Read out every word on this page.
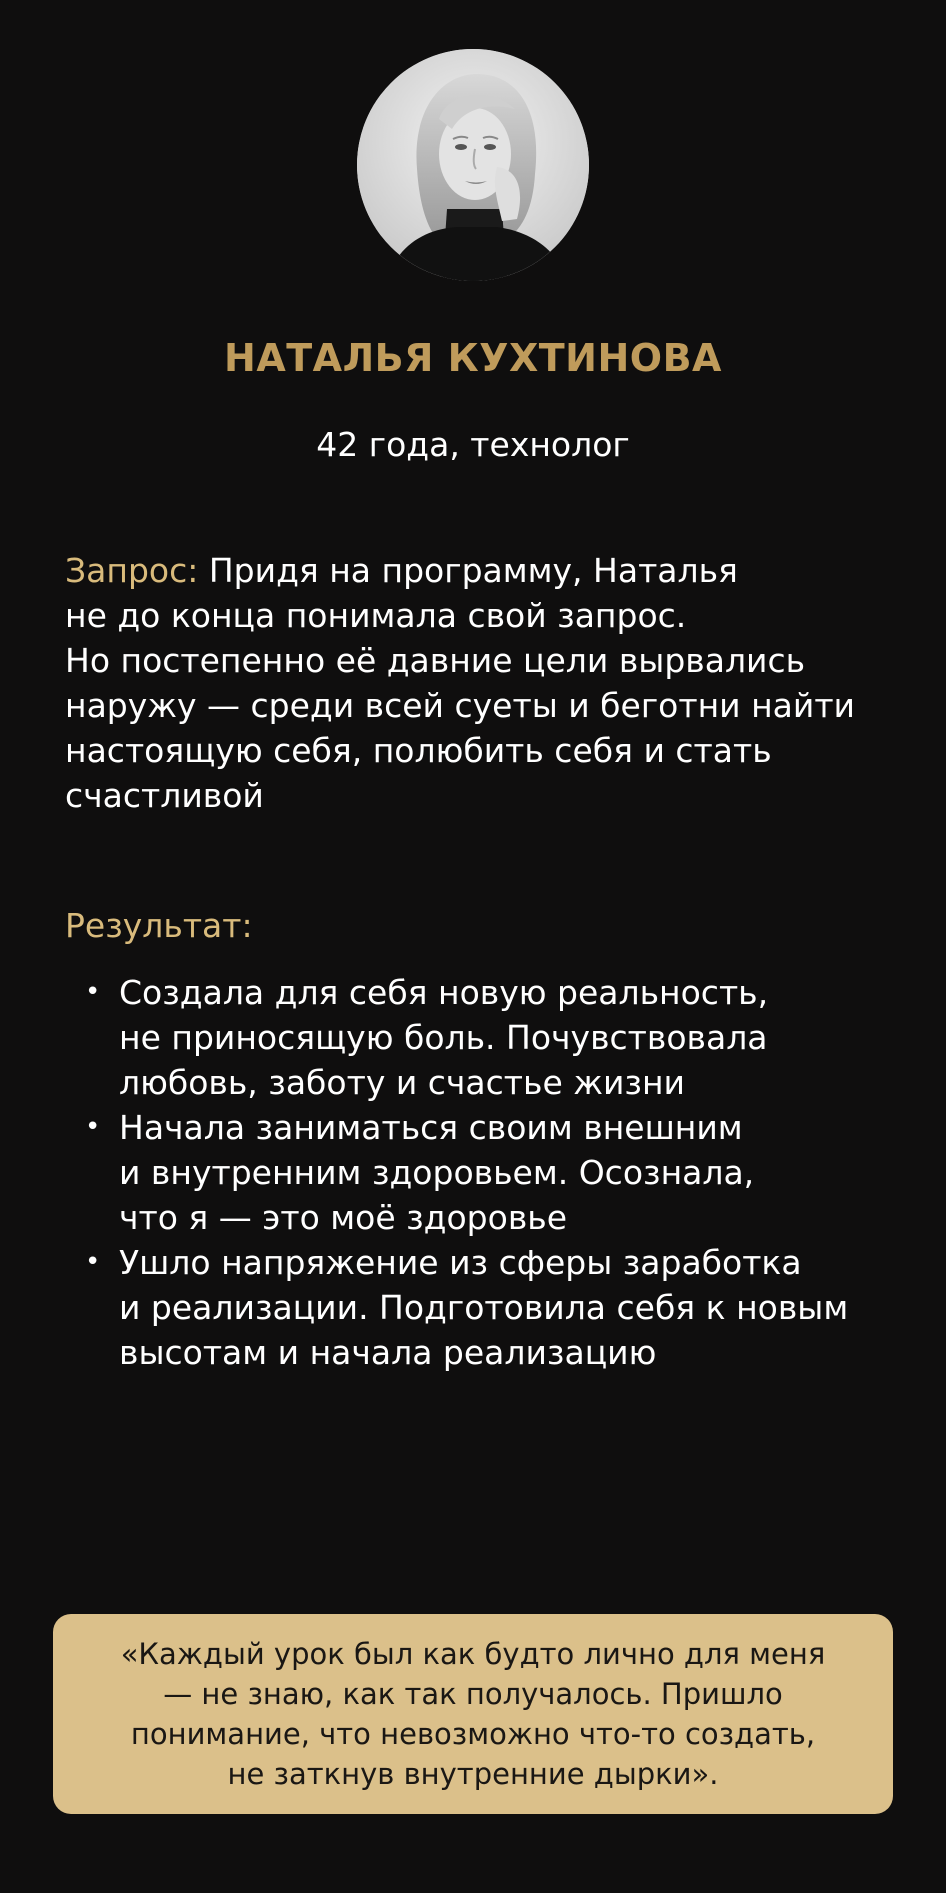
НАТАЛЬЯ КУХТИНОВА
42 года, технолог
Запрос: Придя на программу, Наталья
не до конца понимала свой запрос.
Но постепенно её давние цели вырвались
наружу — среди всей суеты и беготни найти
настоящую себя, полюбить себя и стать
счастливой
Результат:
• Создала для себя новую реальность,
не приносящую боль. Почувствовала
любовь, заботу и счастье жизни
• Начала заниматься своим внешним
и внутренним здоровьем. Осознала,
что я — это моё здоровье
• Ушло напряжение из сферы заработка
и реализации. Подготовила себя к новым
высотам и начала реализацию
«Каждый урок был как будто лично для меня
— не знаю, как так получалось. Пришло
понимание, что невозможно что-то создать,
не заткнув внутренние дырки».
